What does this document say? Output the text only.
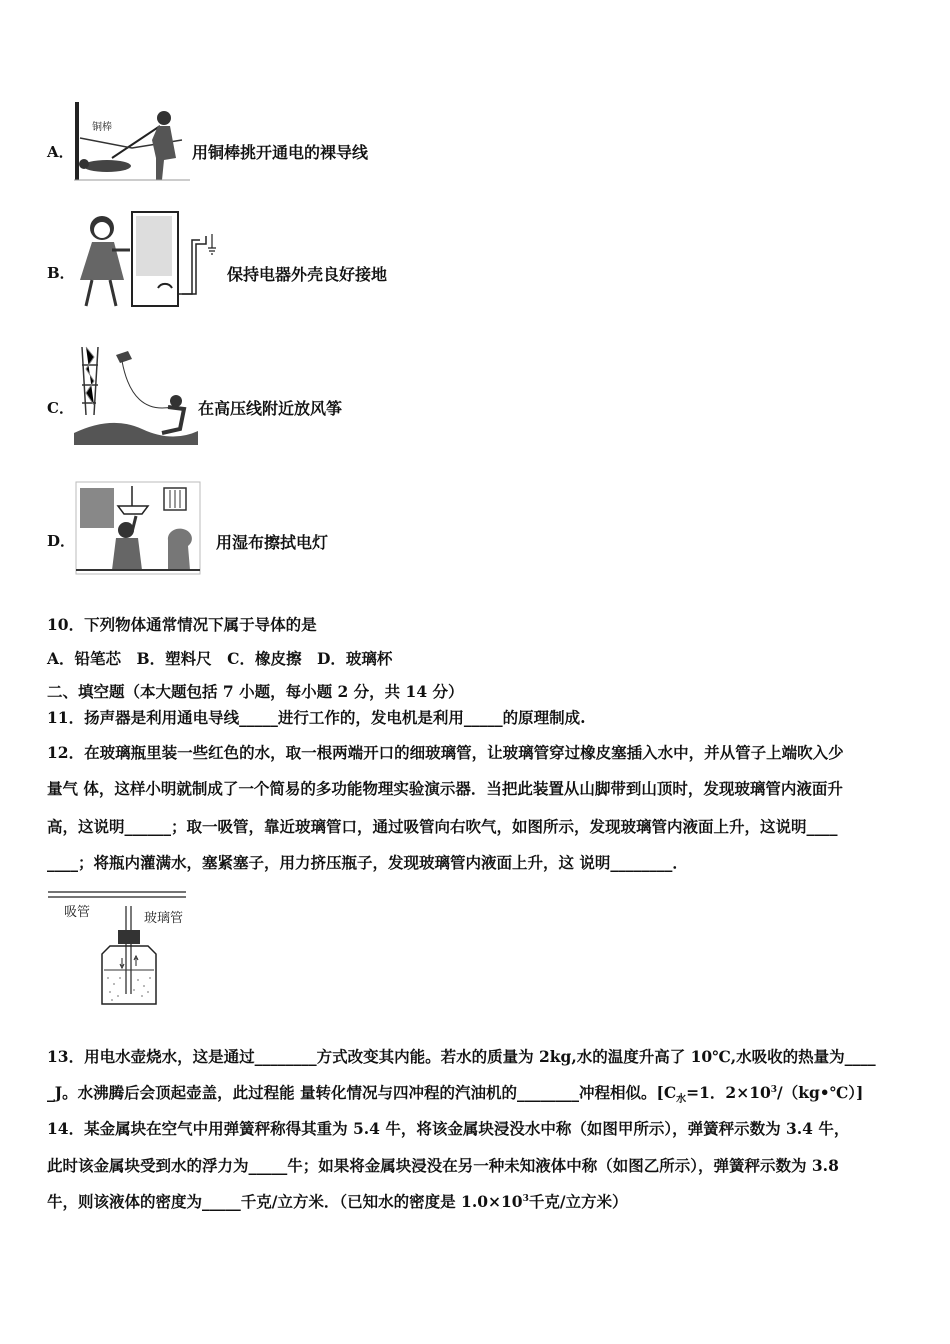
A．
铜棒
用铜棒挑开通电的裸导线
B．	保持电器外壳良好接地
C．	在高压线附近放风筝
D．	用湿布擦拭电灯
10．下列物体通常情况下属于导体的是
A．铅笔芯　B．塑料尺　C．橡皮擦　D．玻璃杯
二、填空题（本大题包括 7 小题，每小题 2 分，共 14 分）
11．扬声器是利用通电导线_____进行工作的，发电机是利用_____的原理制成.
12．在玻璃瓶里装一些红色的水，取一根两端开口的细玻璃管，让玻璃管穿过橡皮塞插入水中，并从管子上端吹入少
量气 体，这样小明就制成了一个简易的多功能物理实验演示器．当把此装置从山脚带到山顶时，发现玻璃管内液面升
高，这说明______；取一吸管，靠近玻璃管口，通过吸管向右吹气，如图所示，发现玻璃管内液面上升，这说明____
____；将瓶内灌满水，塞紧塞子，用力挤压瓶子，发现玻璃管内液面上升，这 说明________．
吸管	玻璃管
13．用电水壶烧水，这是通过________方式改变其内能。若水的质量为 2kg,水的温度升高了 10℃,水吸收的热量为____
_J。水沸腾后会顶起壶盖，此过程能 量转化情况与四冲程的汽油机的________冲程相似。[$C_水=1$．$2\times 10^3/(kg•℃)$]
14．某金属块在空气中用弹簧秤称得其重为 5.4 牛，将该金属块浸没水中称（如图甲所示），弹簧秤示数为 3.4 牛，
此时该金属块受到水的浮力为_____牛；如果将金属块浸没在另一种未知液体中称（如图乙所示），弹簧秤示数为 3.8
牛，则该液体的密度为_____千克/立方米．（已知水的密度是 $1.0\times 10^3$千克/立方米）
